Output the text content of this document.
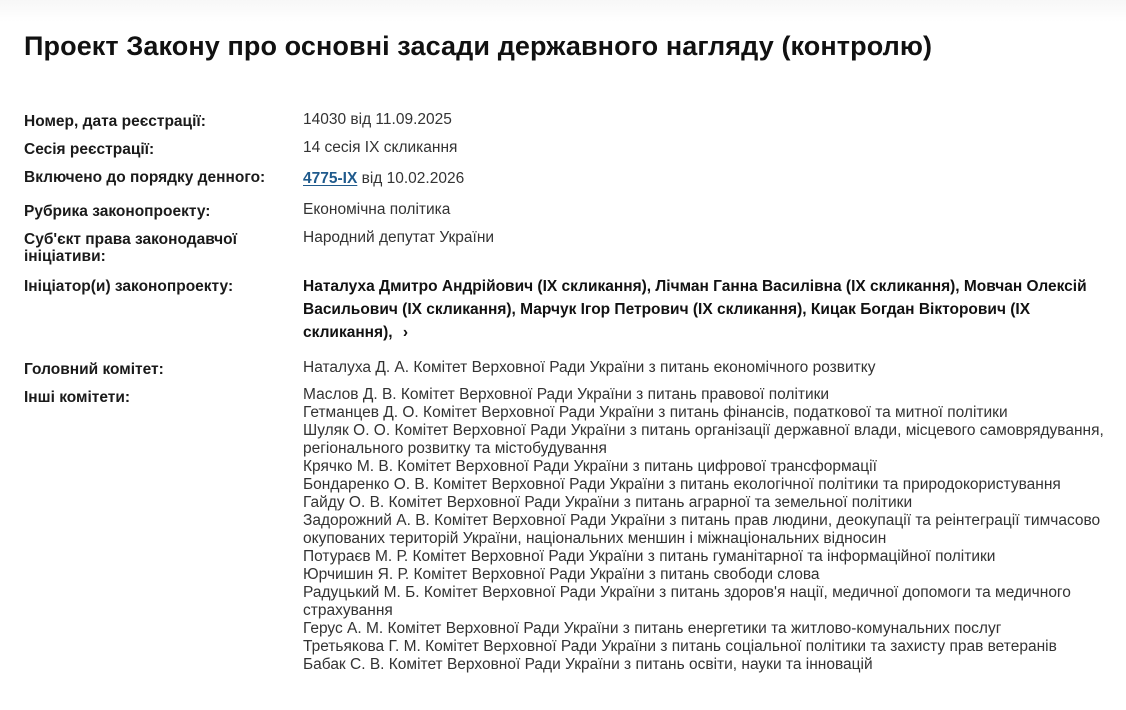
Проект Закону про основні засади державного нагляду (контролю)
Номер, дата реєстрації:	14030 від 11.09.2025
Сесія реєстрації:	14 сесія IX скликання
Включено до порядку денного: 4775-IX від 10.02.2026
Рубрика законопроекту:	Економічна політика
Суб'єкт права законодавчої
ініціативи:
Народний депутат України
Ініціатор(и) законопроекту:	Наталуха Дмитро Андрійович (IX скликання), Лічман Ганна Василівна (IX скликання), Мовчан Олексій Васильович (IX скликання), Марчук Ігор Петрович (IX скликання), Кицак Богдан Вікторович (IX скликання), ›
Головний комітет:	Наталуха Д. А. Комітет Верховної Ради України з питань економічного розвитку
Інші комітети:	Маслов Д. В. Комітет Верховної Ради України з питань правової політики
Гетманцев Д. О. Комітет Верховної Ради України з питань фінансів, податкової та митної політики
Шуляк О. О. Комітет Верховної Ради України з питань організації державної влади, місцевого самоврядування, регіонального розвитку та містобудування
Крячко М. В. Комітет Верховної Ради України з питань цифрової трансформації
Бондаренко О. В. Комітет Верховної Ради України з питань екологічної політики та природокористування
Гайду О. В. Комітет Верховної Ради України з питань аграрної та земельної політики
Задорожний А. В. Комітет Верховної Ради України з питань прав людини, деокупації та реінтеграції тимчасово окупованих територій України, національних меншин і міжнаціональних відносин
Потураєв М. Р. Комітет Верховної Ради України з питань гуманітарної та інформаційної політики
Юрчишин Я. Р. Комітет Верховної Ради України з питань свободи слова
Радуцький М. Б. Комітет Верховної Ради України з питань здоров'я нації, медичної допомоги та медичного страхування
Герус А. М. Комітет Верховної Ради України з питань енергетики та житлово-комунальних послуг
Третьякова Г. М. Комітет Верховної Ради України з питань соціальної політики та захисту прав ветеранів
Бабак С. В. Комітет Верховної Ради України з питань освіти, науки та інновацій
